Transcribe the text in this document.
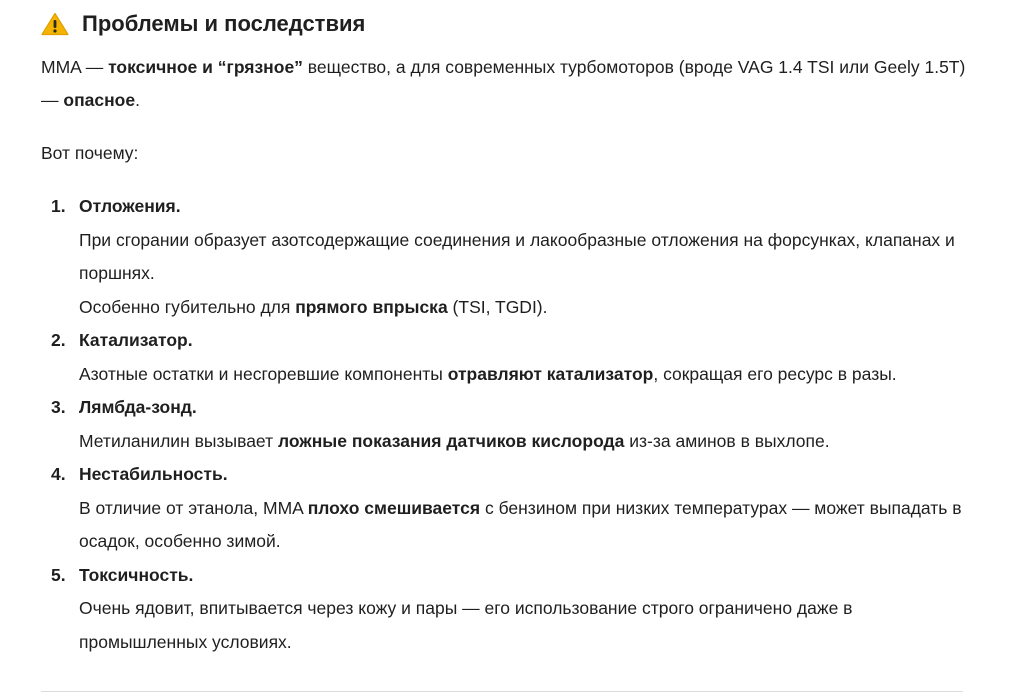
Проблемы и последствия

MMA — токсичное и “грязное” вещество, а для современных турбомоторов (вроде VAG 1.4 TSI или Geely 1.5T) — опасное.

Вот почему:

1. Отложения.
При сгорании образует азотсодержащие соединения и лакообразные отложения на форсунках, клапанах и поршнях.
Особенно губительно для прямого впрыска (TSI, TGDI).
2. Катализатор.
Азотные остатки и несгоревшие компоненты отравляют катализатор, сокращая его ресурс в разы.
3. Лямбда-зонд.
Метиланилин вызывает ложные показания датчиков кислорода из-за аминов в выхлопе.
4. Нестабильность.
В отличие от этанола, MMA плохо смешивается с бензином при низких температурах — может выпадать в осадок, особенно зимой.
5. Токсичность.
Очень ядовит, впитывается через кожу и пары — его использование строго ограничено даже в промышленных условиях.
